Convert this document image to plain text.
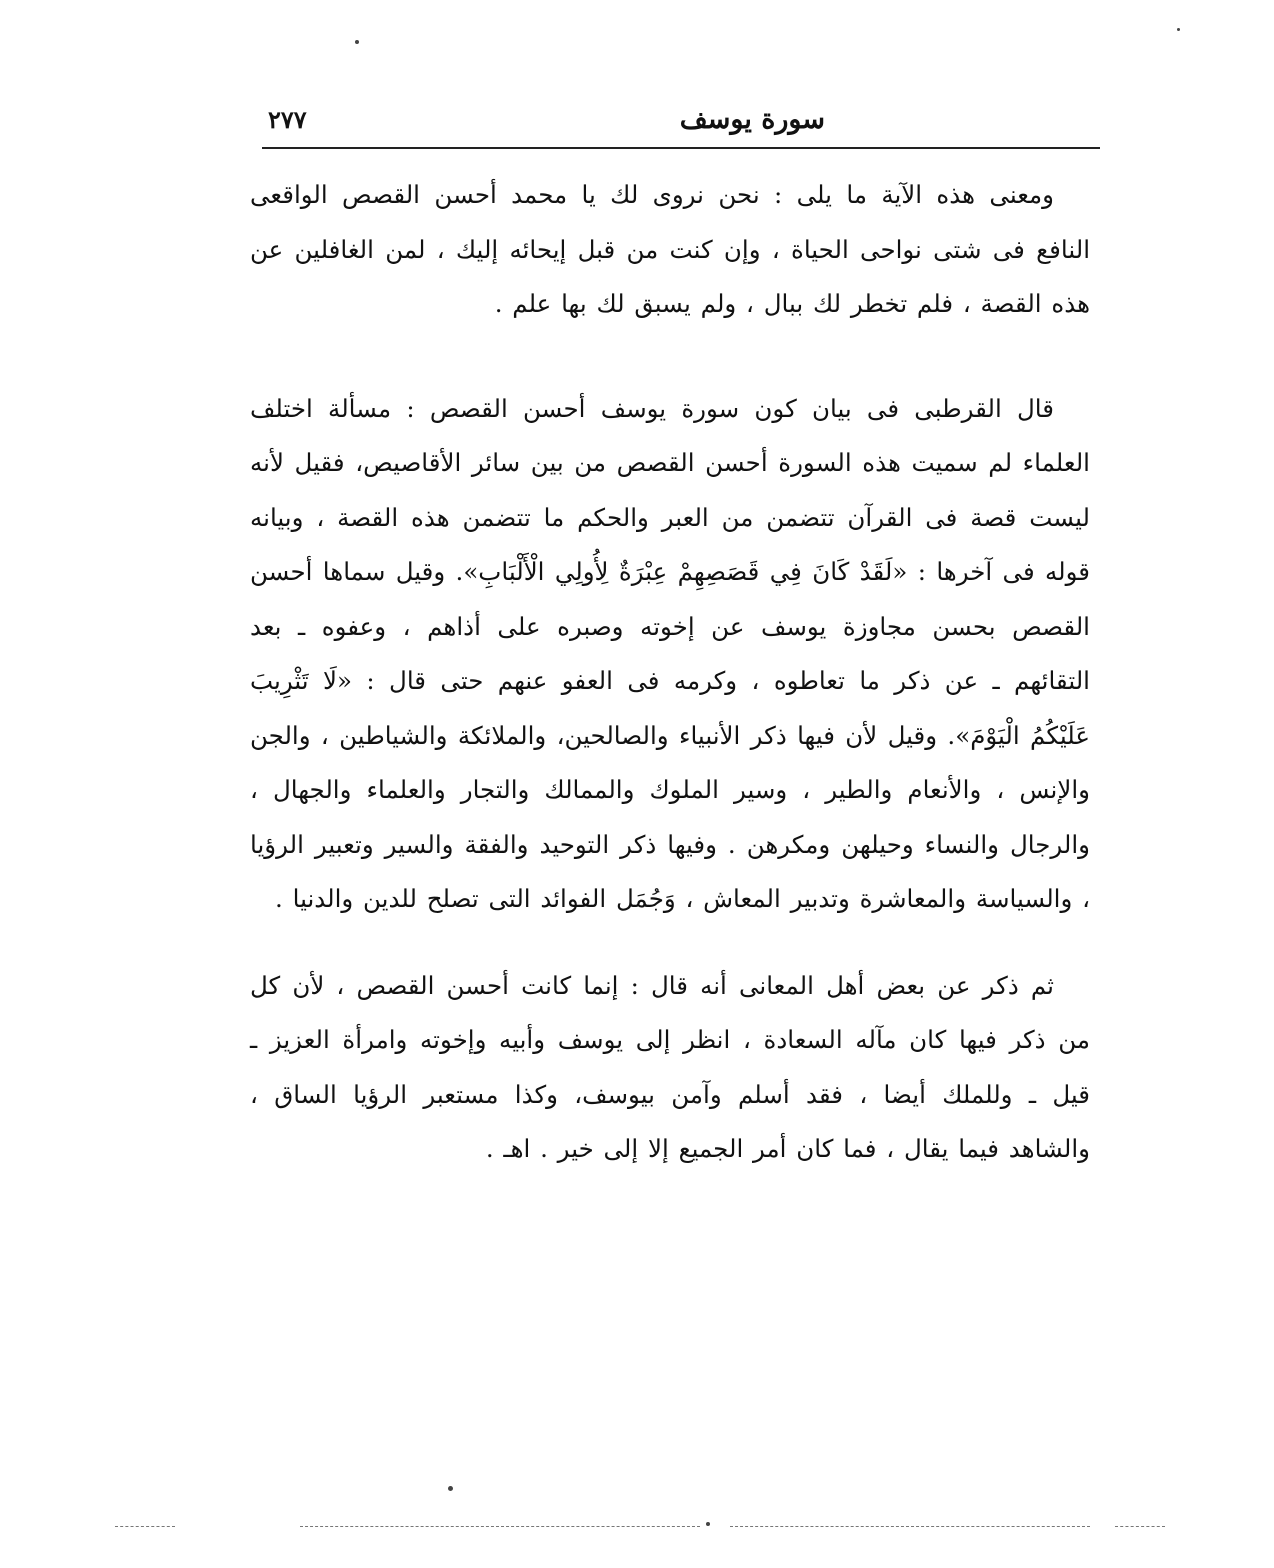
سورة يوسف
٢٧٧

ومعنى هذه الآية ما يلى : نحن نروى لك يا محمد أحسن القصص الواقعى النافع فى شتى نواحى الحياة ، وإن كنت من قبل إيحائه إليك ، لمن الغافلين عن هذه القصة ، فلم تخطر لك ببال ، ولم يسبق لك بها علم .

قال القرطبى فى بيان كون سورة يوسف أحسن القصص : مسألة اختلف العلماء لم سميت هذه السورة أحسن القصص من بين سائر الأقاصيص، فقيل لأنه ليست قصة فى القرآن تتضمن من العبر والحكم ما تتضمن هذه القصة ، وبيانه قوله فى آخرها : «لَقَدْ كَانَ فِي قَصَصِهِمْ عِبْرَةٌ لِأُولِي الْأَلْبَابِ». وقيل سماها أحسن القصص بحسن مجاوزة يوسف عن إخوته وصبره على أذاهم ، وعفوه ـ بعد التقائهم ـ عن ذكر ما تعاطوه ، وكرمه فى العفو عنهم حتى قال : «لَا تَثْرِيبَ عَلَيْكُمُ الْيَوْمَ». وقيل لأن فيها ذكر الأنبياء والصالحين، والملائكة والشياطين ، والجن والإنس ، والأنعام والطير ، وسير الملوك والممالك والتجار والعلماء والجهال ، والرجال والنساء وحيلهن ومكرهن . وفيها ذكر التوحيد والفقة والسير وتعبير الرؤيا ، والسياسة والمعاشرة وتدبير المعاش ، وَجُمَل الفوائد التى تصلح للدين والدنيا .

ثم ذكر عن بعض أهل المعانى أنه قال : إنما كانت أحسن القصص ، لأن كل من ذكر فيها كان مآله السعادة ، انظر إلى يوسف وأبيه وإخوته وامرأة العزيز ـ قيل ـ وللملك أيضا ، فقد أسلم وآمن بيوسف، وكذا مستعبر الرؤيا الساق ، والشاهد فيما يقال ، فما كان أمر الجميع إلا إلى خير . اهـ .
